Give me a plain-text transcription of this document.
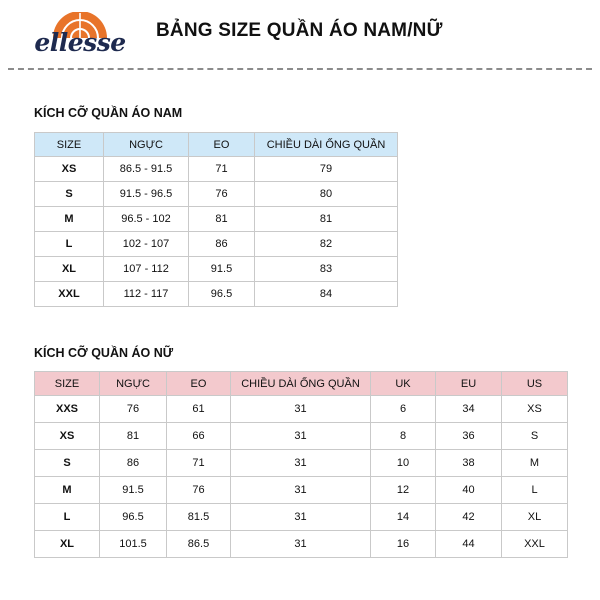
ellesse	BẢNG SIZE QUẦN ÁO NAM/NỮ
KÍCH CỠ QUẦN ÁO NAM
SIZE	NGỰC	EO	CHIỀU DÀI ỐNG QUẦN
XS	86.5 - 91.5	71	79
S	91.5 - 96.5	76	80
M	96.5 - 102	81	81
L	102 - 107	86	82
XL	107 - 112	91.5	83
XXL	112 - 117	96.5	84
KÍCH CỠ QUẦN ÁO NỮ
SIZE	NGỰC	EO	CHIỀU DÀI ỐNG QUẦN	UK	EU	US
XXS	76	61	31	6	34	XS
XS	81	66	31	8	36	S
S	86	71	31	10	38	M
M	91.5	76	31	12	40	L
L	96.5	81.5	31	14	42	XL
XL	101.5	86.5	31	16	44	XXL
